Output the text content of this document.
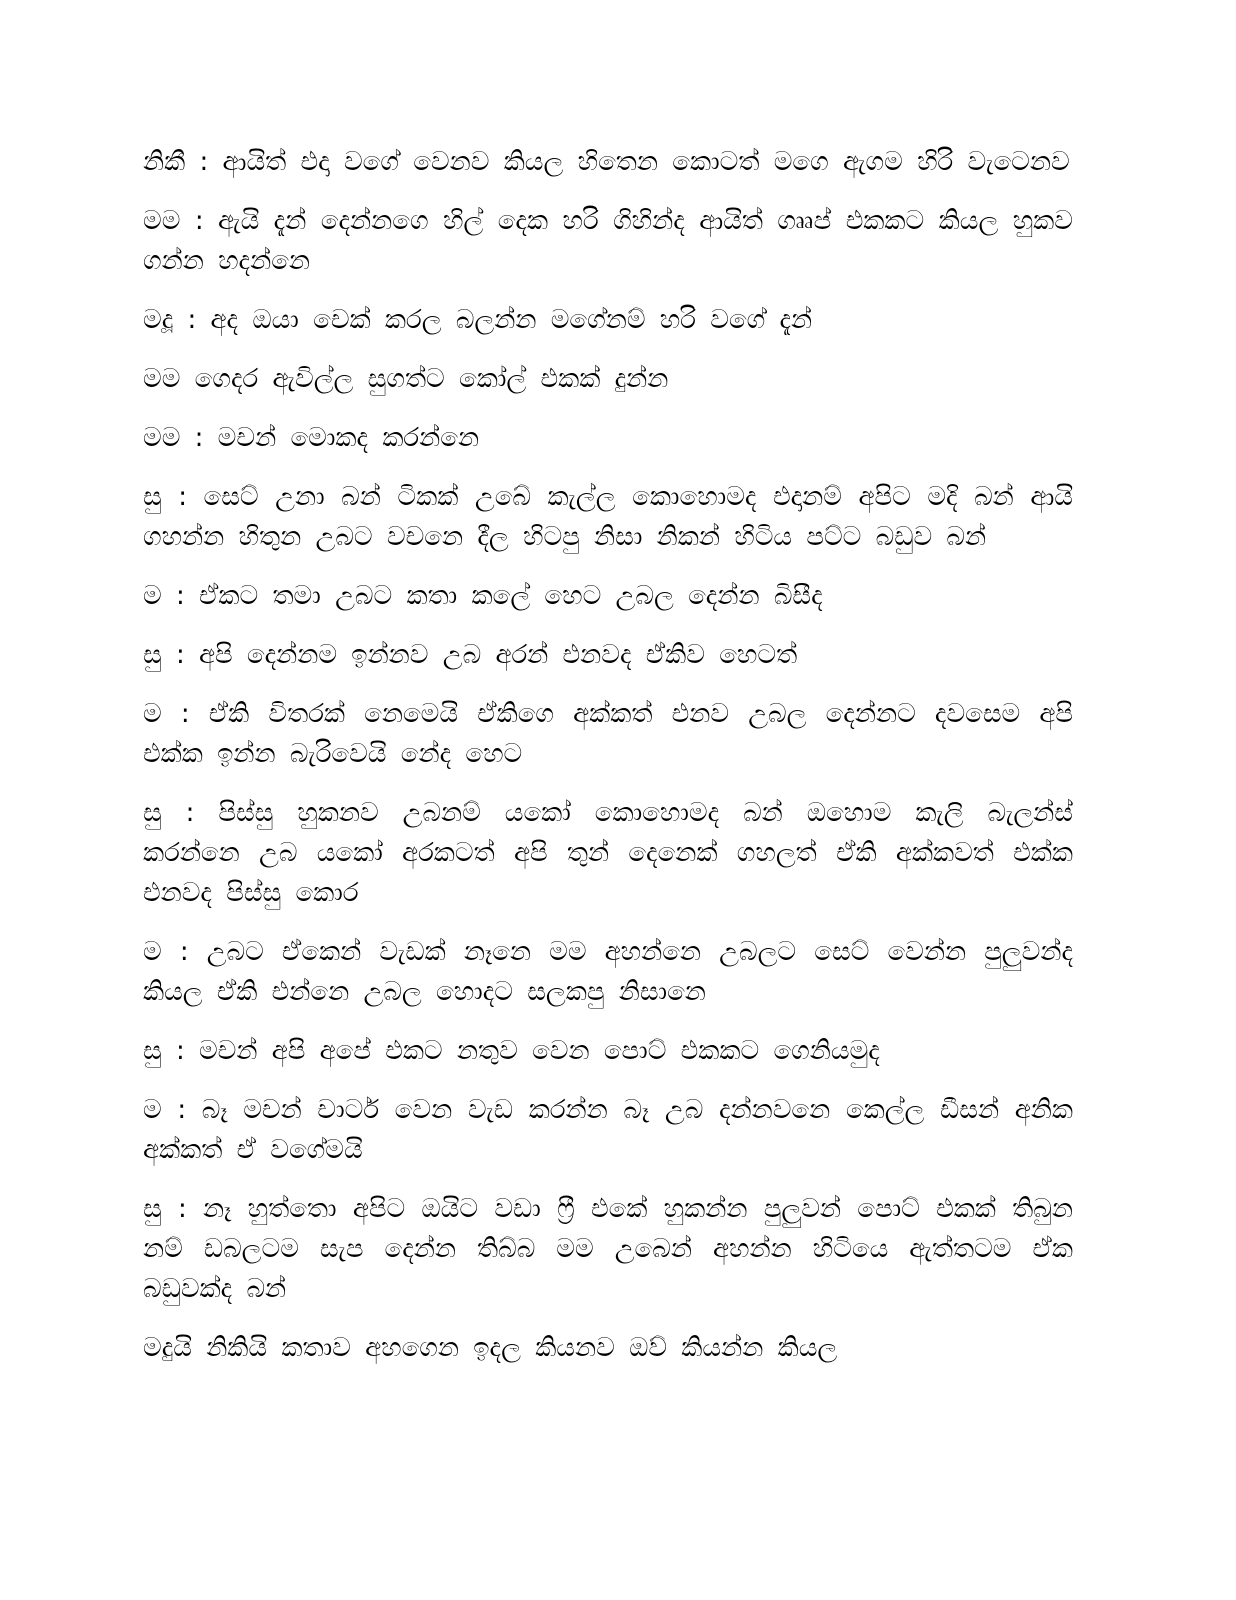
නිකී : ආයිත් එදා වගේ වෙනව කියල හිතෙන කොටත් මගෙ ඇගම හිරි වැටෙනව

මම : ඇයි දැන් දෙන්නගෙ හිල් දෙක හරි ගිහින්ද ආයිත් ගෲප් එකකට කියල හුකව ගන්න හදන්නෙ

මදූ : අද ඔයා චෙක් කරල බලන්න මගේනම් හරි වගේ දැන්

මම ගෙදර ඇවිල්ල සුගත්ට කෝල් එකක් දුන්න

මම : මචන් මොකද කරන්නෙ

සු : සෙට් උනා බන් ටිකක් උබේ කැල්ල කොහොමද එදානම් අපිට මදි බන් ආයි ගහන්න හිතුන උබට වචනෙ දීල හිටපු නිසා නිකන් හිටිය පට්ට බඩුව බන්

ම : ඒකට තමා උබට කතා කලේ හෙට උබල දෙන්න බිසීද

සු : අපි දෙන්නම ඉන්නව උබ අරන් එනවද ඒකිව හෙටත්

ම : ඒකි විතරක් නෙමෙයි ඒකිගෙ අක්කත් එනව උබල දෙන්නට දවසෙම අපි එක්ක ඉන්න බැරිවෙයි නේද හෙට

සු : පිස්සු හුකනව උබනම් යකෝ කොහොමද බන් ඔහොම කැලි බැලන්ස් කරන්නෙ උබ යකෝ අරකටත් අපි තුන් දෙනෙක් ගහලත් ඒකි අක්කවත් එක්ක එනවද පිස්සු කොර

ම : උබට ඒකෙන් වැඩක් නෑනෙ මම අහන්නෙ උබලට සෙට් වෙන්න පුලුවන්ද කියල ඒකි එන්නෙ උබල හොදට සලකපු නිසානෙ

සු : මචන් අපි අපේ එකට නතුව වෙන පොට් එකකට ගෙනියමුද

ම : බෑ මචන් චාටර් වෙන වැඩ කරන්න බෑ උබ දන්නවනෙ කෙල්ල ඩීසන් අනික අක්කත් ඒ වගේමයි

සු : නෑ හුත්තො අපිට ඔයිට වඩා ෆ්‍රී එකේ හුකන්න පුලුවන් පොට් එකක් තිබුන නම් ඩබලටම සැප දෙන්න තිබ්බ මම උබෙන් අහන්න හිටියෙ ඇත්තටම ඒක බඩුවක්ද බන්

මදුයි නිකියි කතාව අහගෙන ඉදල කියනව ඔව් කියන්න කියල
